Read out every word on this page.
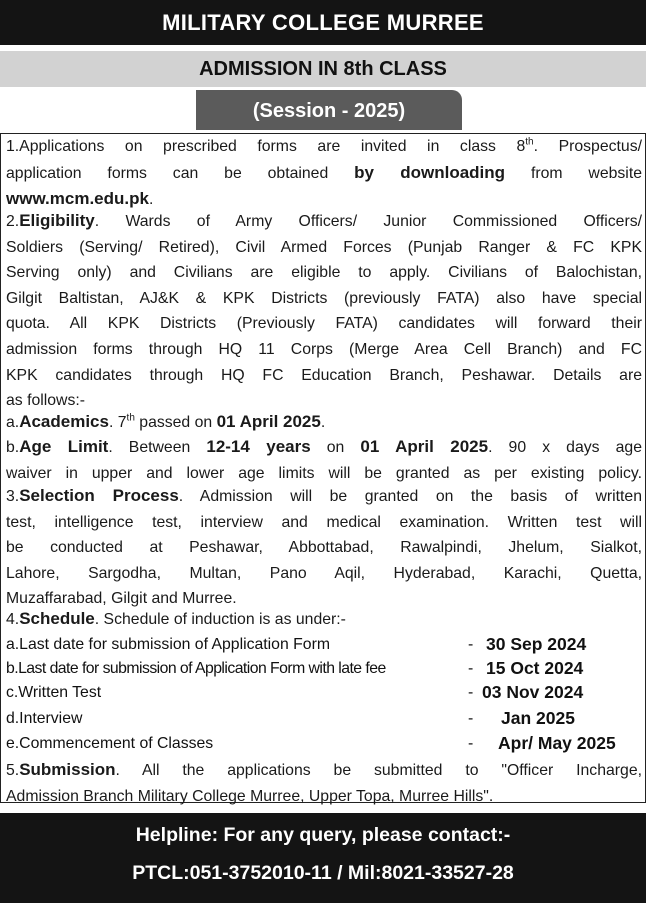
MILITARY COLLEGE MURREE
ADMISSION IN 8th CLASS
(Session - 2025)
1.Applications on prescribed forms are invited in class 8th. Prospectus/
application forms can be obtained by downloading from website
www.mcm.edu.pk.
2.Eligibility. Wards of Army Officers/ Junior Commissioned Officers/
Soldiers (Serving/ Retired), Civil Armed Forces (Punjab Ranger & FC KPK
Serving only) and Civilians are eligible to apply. Civilians of Balochistan,
Gilgit Baltistan, AJ&K & KPK Districts (previously FATA) also have special
quota. All KPK Districts (Previously FATA) candidates will forward their
admission forms through HQ 11 Corps (Merge Area Cell Branch) and FC
KPK candidates through HQ FC Education Branch, Peshawar. Details are
as follows:-
a.Academics. 7th passed on 01 April 2025.
b.Age Limit. Between 12-14 years on 01 April 2025. 90 x days age
waiver in upper and lower age limits will be granted as per existing policy.
3.Selection Process. Admission will be granted on the basis of written
test, intelligence test, interview and medical examination. Written test will
be conducted at Peshawar, Abbottabad, Rawalpindi, Jhelum, Sialkot,
Lahore, Sargodha, Multan, Pano Aqil, Hyderabad, Karachi, Quetta,
Muzaffarabad, Gilgit and Murree.
4.Schedule. Schedule of induction is as under:-
a.Last date for submission of Application Form	- 30 Sep 2024
b.Last date for submission of Application Form with late fee	- 15 Oct 2024
c.Written Test	- 03 Nov 2024
d.Interview	- Jan 2025
e.Commencement of Classes	- Apr/ May 2025
5.Submission. All the applications be submitted to "Officer Incharge,
Admission Branch Military College Murree, Upper Topa, Murree Hills".
Helpline: For any query, please contact:-
PTCL:051-3752010-11 / Mil:8021-33527-28
